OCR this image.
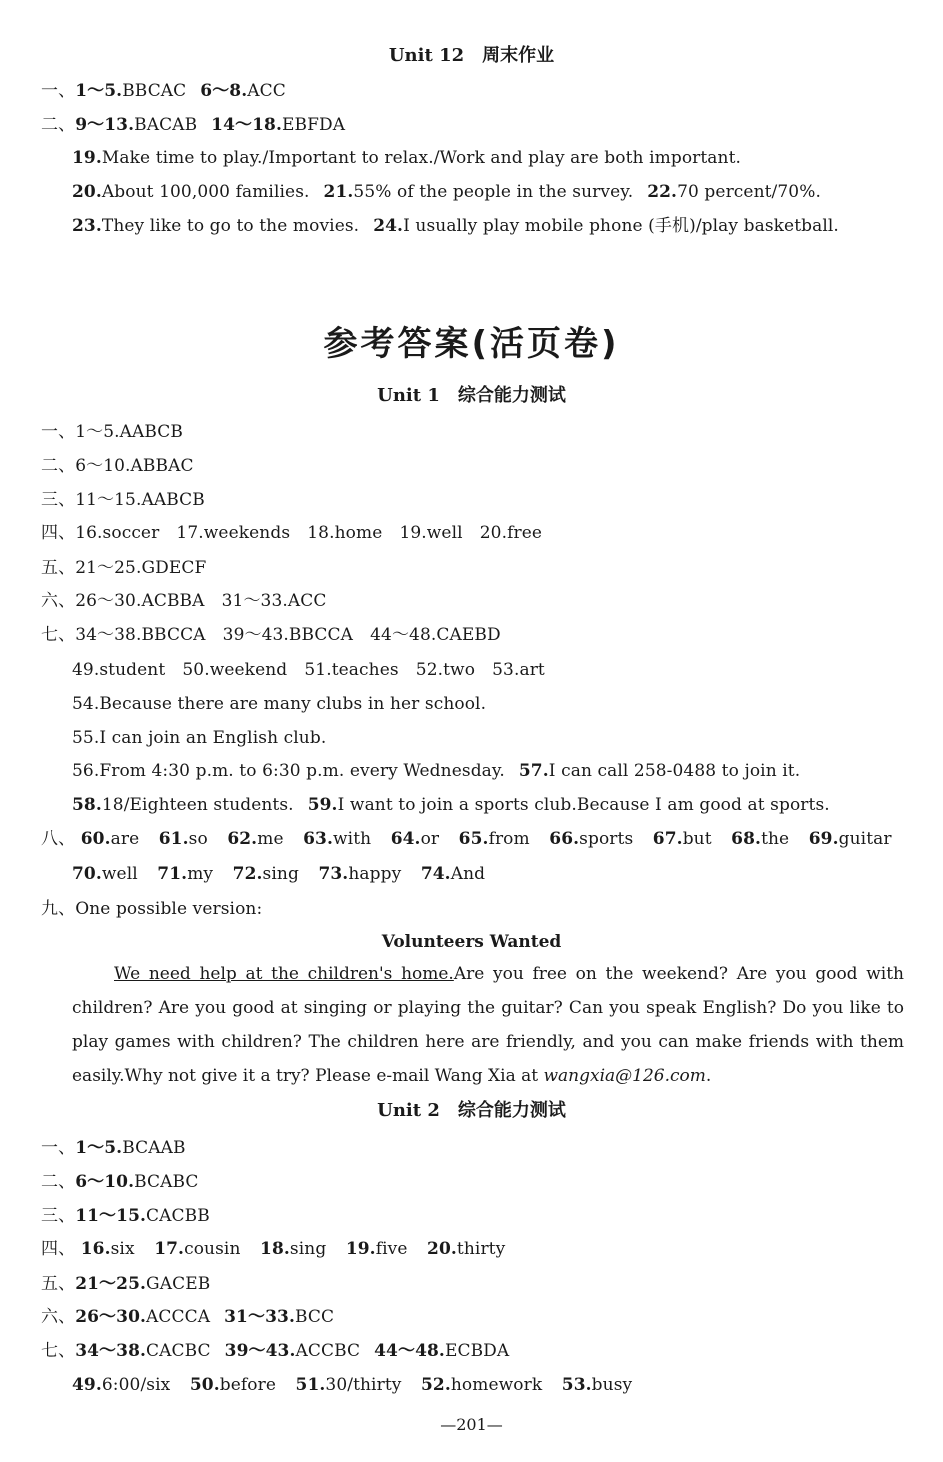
Unit 12　周末作业
一、1～5.BBCAC 6～8.ACC
二、9～13.BACAB 14～18.EBFDA
19.Make time to play./Important to relax./Work and play are both important.
20.About 100,000 families. 21.55% of the people in the survey. 22.70 percent/70%.
23.They like to go to the movies. 24.I usually play mobile phone (手机)/play basketball.
参考答案(活页卷)
Unit 1　综合能力测试
一、1～5.AABCB
二、6～10.ABBAC
三、11～15.AABCB
四、16.soccer　17.weekends　18.home　19.well　20.free
五、21～25.GDECF
六、26～30.ACBBA　31～33.ACC
七、34～38.BBCCA　39～43.BBCCA　44～48.CAEBD
49.student　50.weekend　51.teaches　52.two　53.art
54.Because there are many clubs in her school.
55.I can join an English club.
56.From 4:30 p.m. to 6:30 p.m. every Wednesday. 57.I can call 258-0488 to join it.
58.18/Eighteen students. 59.I want to join a sports club.Because I am good at sports.
八、 60.are 61.so 62.me 63.with 64.or 65.from 66.sports 67.but 68.the 69.guitar
70.well 71.my 72.sing 73.happy 74.And
九、One possible version:
Volunteers Wanted
We need help at the children's home.Are you free on the weekend? Are you good with children? Are you good at singing or playing the guitar? Can you speak English? Do you like to play games with children? The children here are friendly, and you can make friends with them easily.Why not give it a try? Please e-mail Wang Xia at wangxia@126.com.
Unit 2　综合能力测试
一、1～5.BCAAB
二、6～10.BCABC
三、11～15.CACBB
四、 16.six 17.cousin 18.sing 19.five 20.thirty
五、21～25.GACEB
六、26～30.ACCCA 31～33.BCC
七、34～38.CACBC 39～43.ACCBC 44～48.ECBDA
49.6:00/six 50.before 51.30/thirty 52.homework 53.busy
—201—
